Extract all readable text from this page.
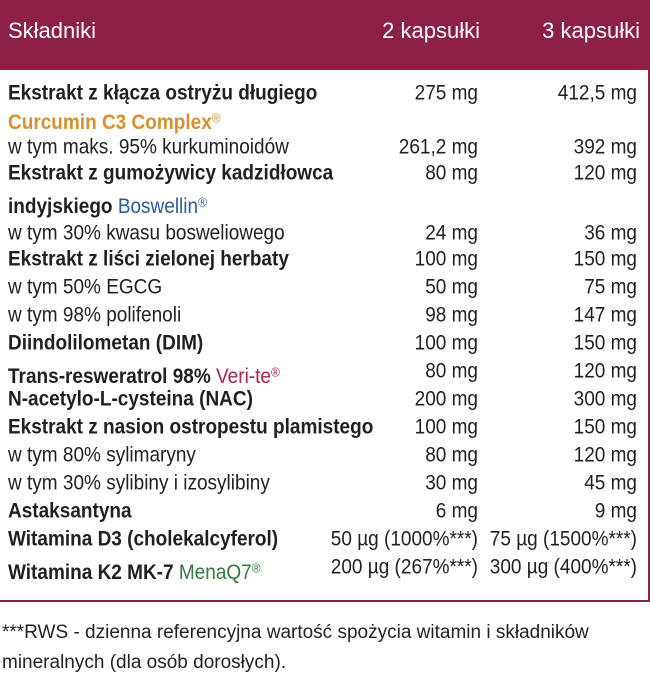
Składniki	2 kapsułki	3 kapsułki
Ekstrakt z kłącza ostryżu długiego	275 mg	412,5 mg
Curcumin C3 Complex®
w tym maks. 95% kurkuminoidów	261,2 mg	392 mg
Ekstrakt z gumożywicy kadzidłowca	80 mg	120 mg
indyjskiego Boswellin®
w tym 30% kwasu bosweliowego	24 mg	36 mg
Ekstrakt z liści zielonej herbaty	100 mg	150 mg
w tym 50% EGCG	50 mg	75 mg
w tym 98% polifenoli	98 mg	147 mg
Diindolilometan (DIM)	100 mg	150 mg
Trans-resweratrol 98% Veri-te®	80 mg	120 mg
N-acetylo-L-cysteina (NAC)	200 mg	300 mg
Ekstrakt z nasion ostropestu plamistego 100 mg	150 mg
w tym 80% sylimaryny	80 mg	120 mg
w tym 30% sylibiny i izosylibiny	30 mg	45 mg
Astaksantyna	6 mg	9 mg
Witamina D3 (cholekalcyferol)	50 µg (1000%***) 75 µg (1500%***)
Witamina K2 MK-7 MenaQ7®	200 µg (267%***) 300 µg (400%***)
***RWS - dzienna referencyjna wartość spożycia witamin i składników mineralnych (dla osób dorosłych).
